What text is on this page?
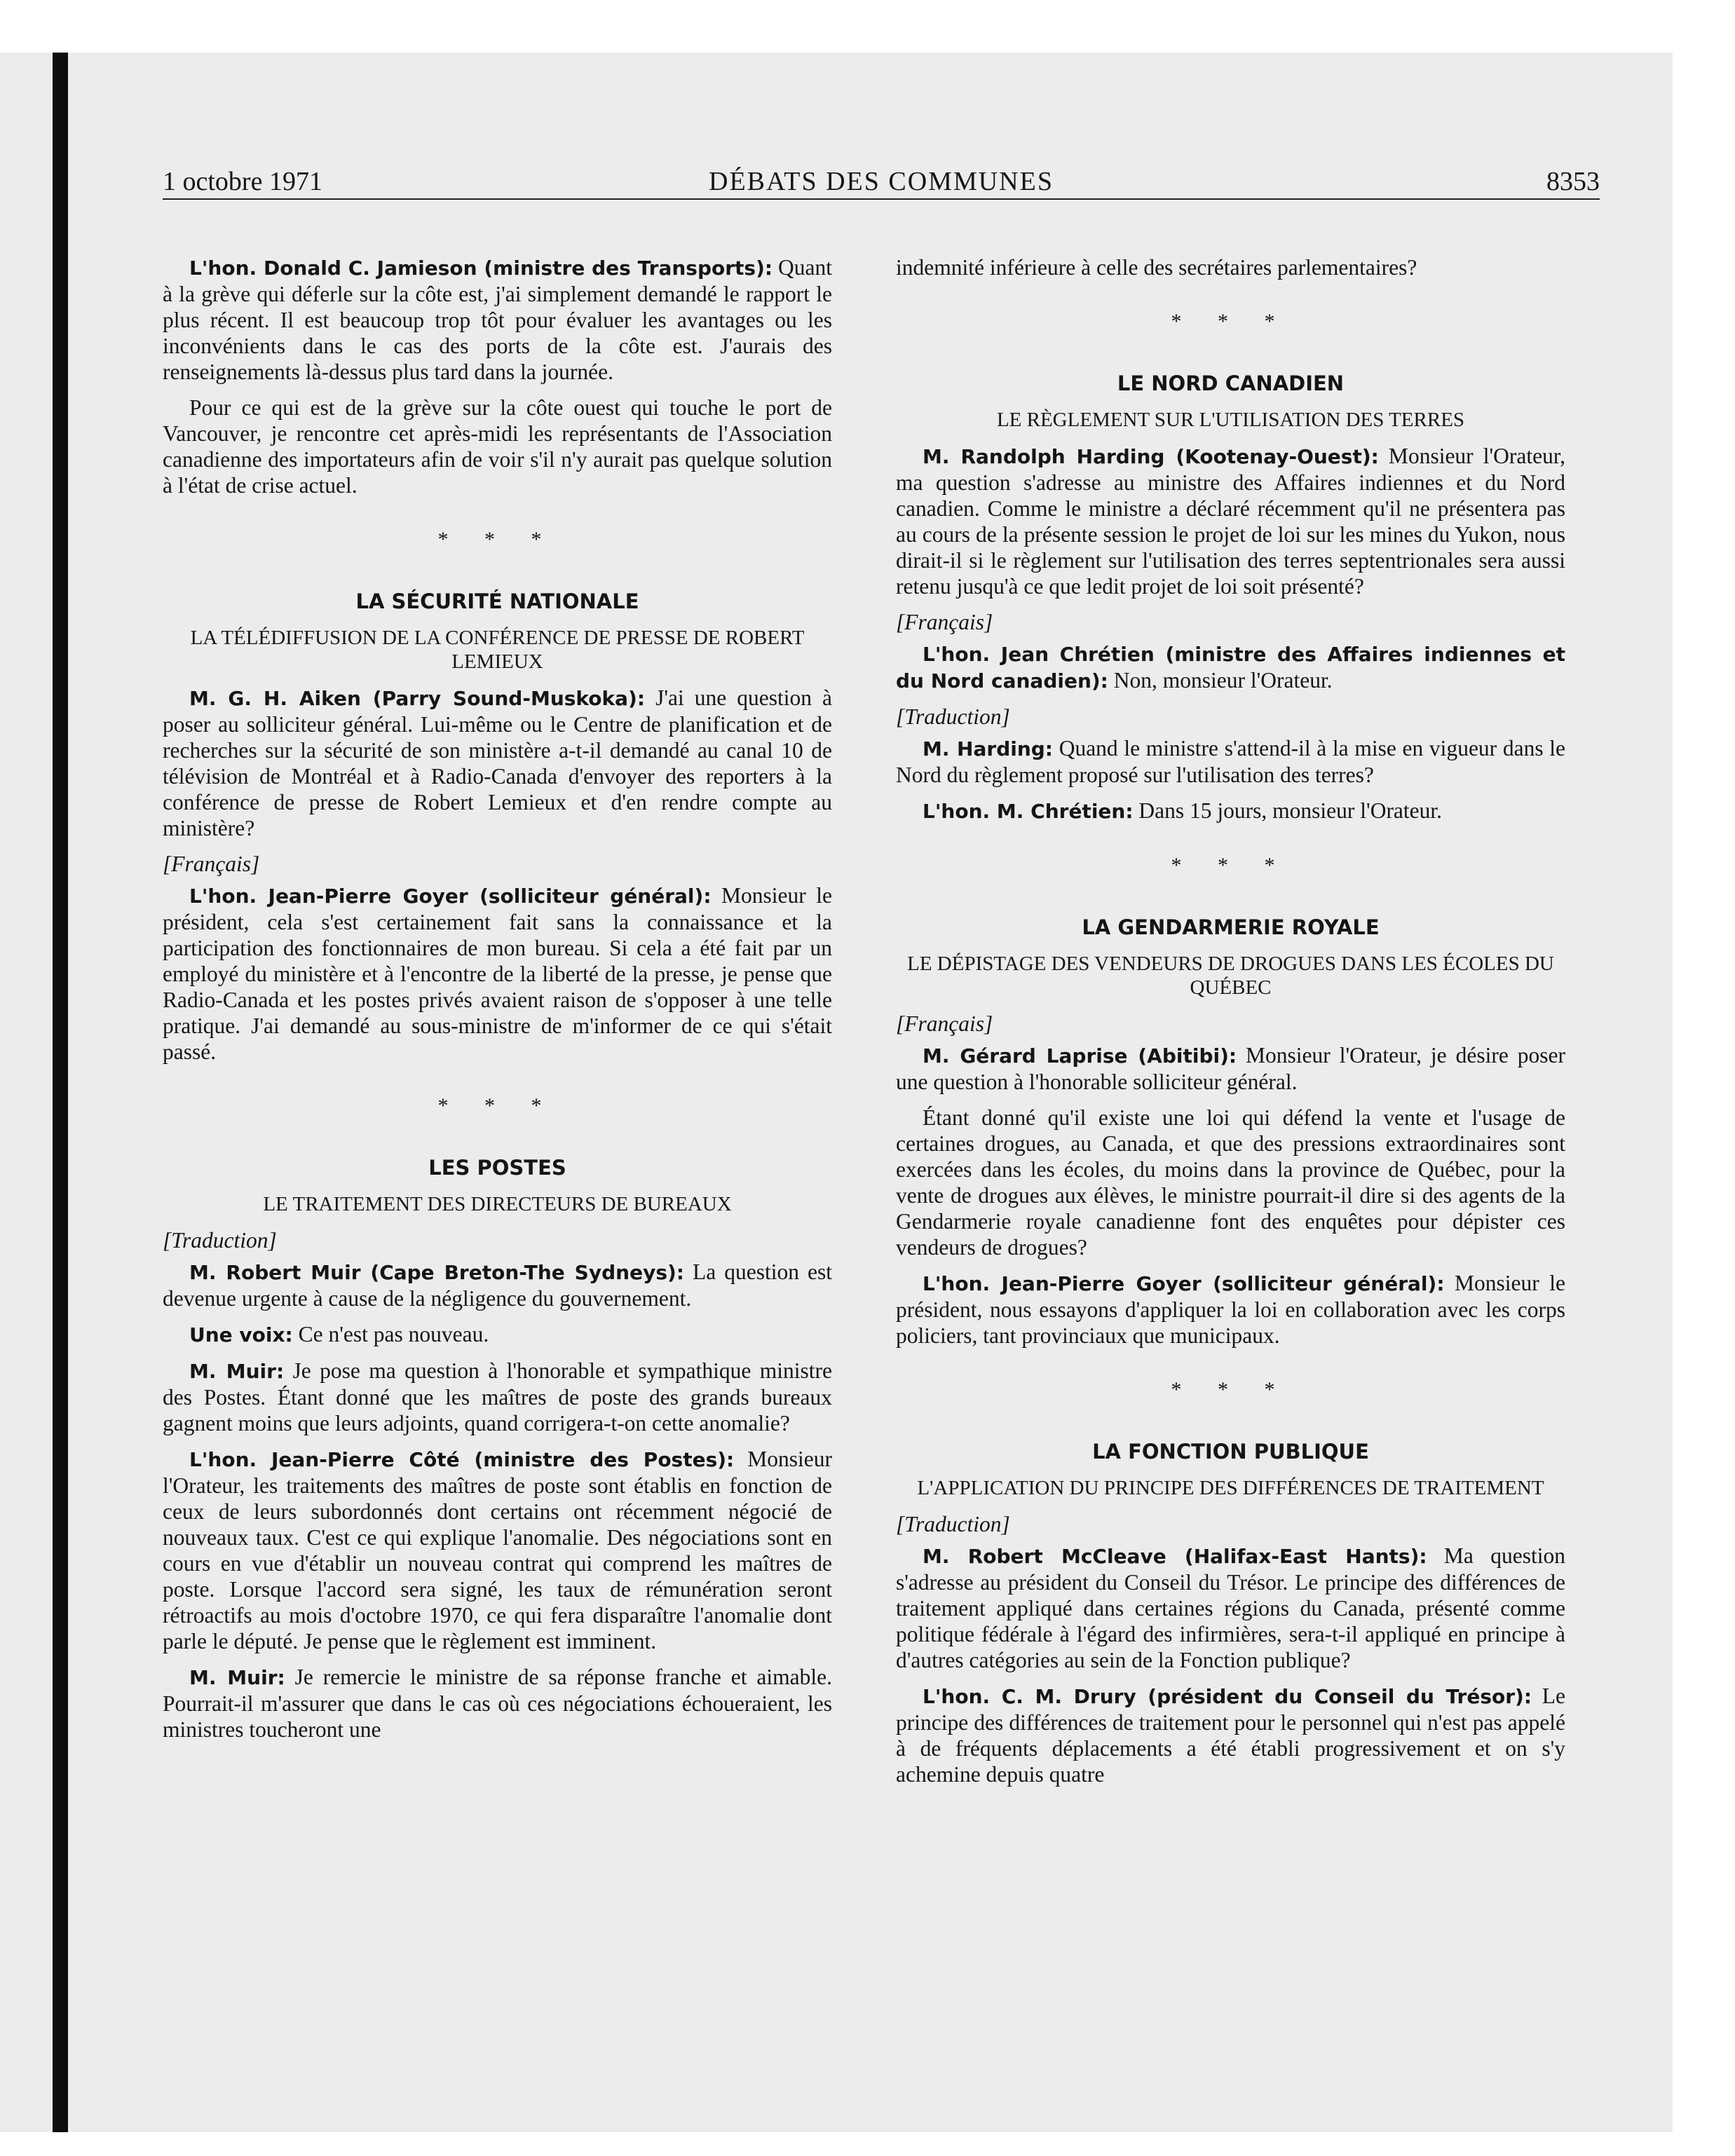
1 octobre 1971	DÉBATS DES COMMUNES	8353

L'hon. Donald C. Jamieson (ministre des Transports): Quant à la grève qui déferle sur la côte est, j'ai simplement demandé le rapport le plus récent. Il est beaucoup trop tôt pour évaluer les avantages ou les inconvénients dans le cas des ports de la côte est. J'aurais des renseignements là-dessus plus tard dans la journée.

Pour ce qui est de la grève sur la côte ouest qui touche le port de Vancouver, je rencontre cet après-midi les représentants de l'Association canadienne des importateurs afin de voir s'il n'y aurait pas quelque solution à l'état de crise actuel.

* * *
LA SÉCURITÉ NATIONALE
LA TÉLÉDIFFUSION DE LA CONFÉRENCE DE PRESSE DE ROBERT LEMIEUX

M. G. H. Aiken (Parry Sound-Muskoka): J'ai une question à poser au solliciteur général. Lui-même ou le Centre de planification et de recherches sur la sécurité de son ministère a-t-il demandé au canal 10 de télévision de Montréal et à Radio-Canada d'envoyer des reporters à la conférence de presse de Robert Lemieux et d'en rendre compte au ministère?

[Français]

L'hon. Jean-Pierre Goyer (solliciteur général): Monsieur le président, cela s'est certainement fait sans la connaissance et la participation des fonctionnaires de mon bureau. Si cela a été fait par un employé du ministère et à l'encontre de la liberté de la presse, je pense que Radio-Canada et les postes privés avaient raison de s'opposer à une telle pratique. J'ai demandé au sous-ministre de m'informer de ce qui s'était passé.

* * *
LES POSTES
LE TRAITEMENT DES DIRECTEURS DE BUREAUX
[Traduction]

M. Robert Muir (Cape Breton-The Sydneys): La question est devenue urgente à cause de la négligence du gouvernement.

Une voix: Ce n'est pas nouveau.

M. Muir: Je pose ma question à l'honorable et sympathique ministre des Postes. Étant donné que les maîtres de poste des grands bureaux gagnent moins que leurs adjoints, quand corrigera-t-on cette anomalie?

L'hon. Jean-Pierre Côté (ministre des Postes): Monsieur l'Orateur, les traitements des maîtres de poste sont établis en fonction de ceux de leurs subordonnés dont certains ont récemment négocié de nouveaux taux. C'est ce qui explique l'anomalie. Des négociations sont en cours en vue d'établir un nouveau contrat qui comprend les maîtres de poste. Lorsque l'accord sera signé, les taux de rémunération seront rétroactifs au mois d'octobre 1970, ce qui fera disparaître l'anomalie dont parle le député. Je pense que le règlement est imminent.

M. Muir: Je remercie le ministre de sa réponse franche et aimable. Pourrait-il m'assurer que dans le cas où ces négociations échoueraient, les ministres toucheront une

indemnité inférieure à celle des secrétaires parlementaires?

* * *
LE NORD CANADIEN
LE RÈGLEMENT SUR L'UTILISATION DES TERRES

M. Randolph Harding (Kootenay-Ouest): Monsieur l'Orateur, ma question s'adresse au ministre des Affaires indiennes et du Nord canadien. Comme le ministre a déclaré récemment qu'il ne présentera pas au cours de la présente session le projet de loi sur les mines du Yukon, nous dirait-il si le règlement sur l'utilisation des terres septentrionales sera aussi retenu jusqu'à ce que ledit projet de loi soit présenté?

[Français]

L'hon. Jean Chrétien (ministre des Affaires indiennes et du Nord canadien): Non, monsieur l'Orateur.

[Traduction]

M. Harding: Quand le ministre s'attend-il à la mise en vigueur dans le Nord du règlement proposé sur l'utilisation des terres?

L'hon. M. Chrétien: Dans 15 jours, monsieur l'Orateur.

* * *
LA GENDARMERIE ROYALE
LE DÉPISTAGE DES VENDEURS DE DROGUES DANS LES ÉCOLES DU QUÉBEC
[Français]

M. Gérard Laprise (Abitibi): Monsieur l'Orateur, je désire poser une question à l'honorable solliciteur général.

Étant donné qu'il existe une loi qui défend la vente et l'usage de certaines drogues, au Canada, et que des pressions extraordinaires sont exercées dans les écoles, du moins dans la province de Québec, pour la vente de drogues aux élèves, le ministre pourrait-il dire si des agents de la Gendarmerie royale canadienne font des enquêtes pour dépister ces vendeurs de drogues?

L'hon. Jean-Pierre Goyer (solliciteur général): Monsieur le président, nous essayons d'appliquer la loi en collaboration avec les corps policiers, tant provinciaux que municipaux.

* * *
LA FONCTION PUBLIQUE
L'APPLICATION DU PRINCIPE DES DIFFÉRENCES DE TRAITEMENT
[Traduction]

M. Robert McCleave (Halifax-East Hants): Ma question s'adresse au président du Conseil du Trésor. Le principe des différences de traitement appliqué dans certaines régions du Canada, présenté comme politique fédérale à l'égard des infirmières, sera-t-il appliqué en principe à d'autres catégories au sein de la Fonction publique?

L'hon. C. M. Drury (président du Conseil du Trésor): Le principe des différences de traitement pour le personnel qui n'est pas appelé à de fréquents déplacements a été établi progressivement et on s'y achemine depuis quatre
